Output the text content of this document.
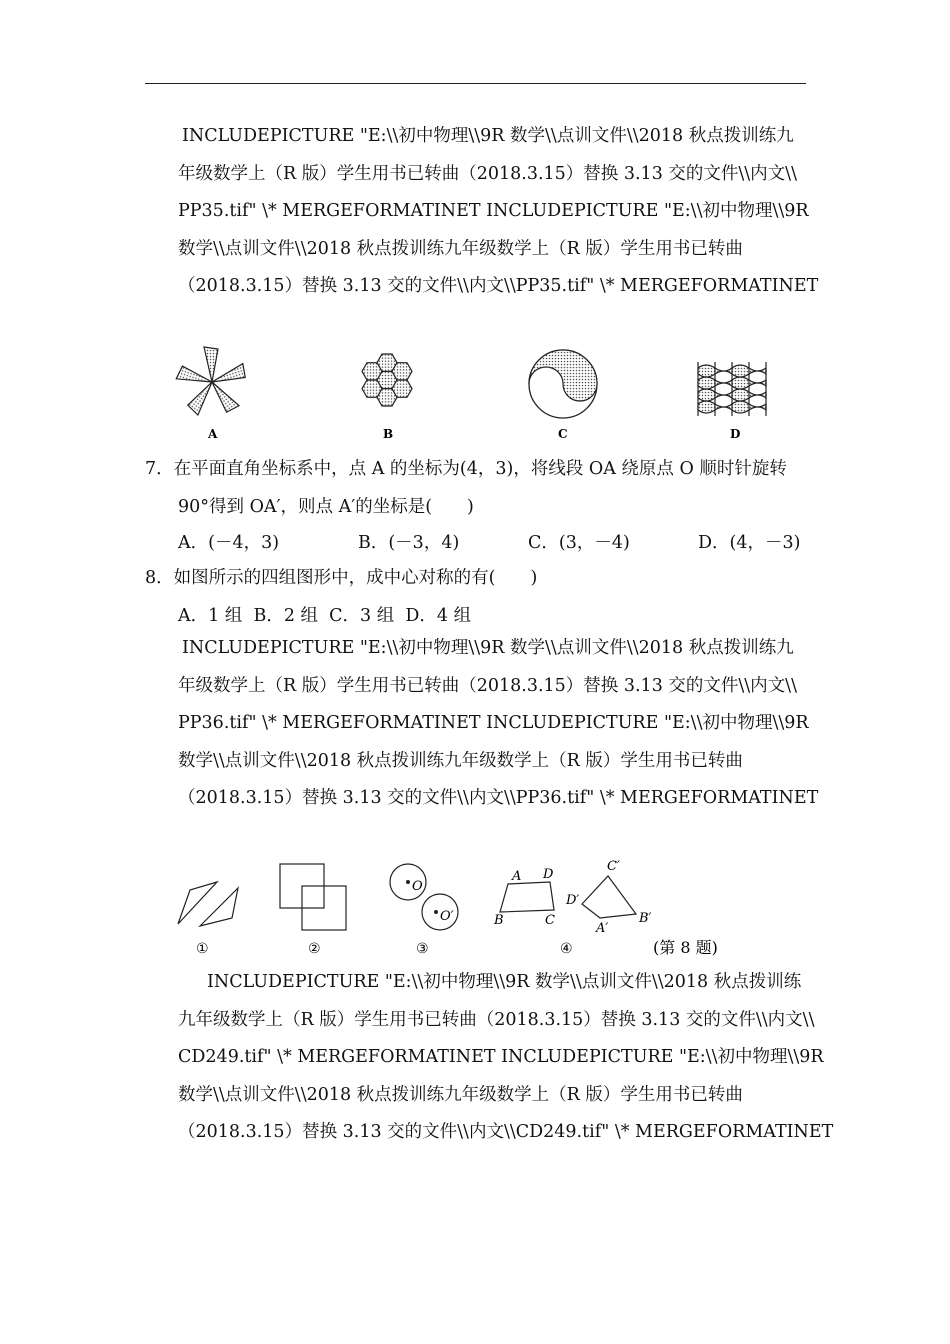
INCLUDEPICTURE "E:\\初中物理\\9R 数学\\点训文件\\2018 秋点拨训练九
年级数学上（R 版）学生用书已转曲（2018.3.15）替换 3.13 交的文件\\内文\\
PP35.tif" \* MERGEFORMATINET INCLUDEPICTURE "E:\\初中物理\\9R
数学\\点训文件\\2018 秋点拨训练九年级数学上（R 版）学生用书已转曲
（2018.3.15）替换 3.13 交的文件\\内文\\PP35.tif" \* MERGEFORMATINET
A	B	C	D
7．在平面直角坐标系中，点 A 的坐标为(4，3)，将线段 OA 绕原点 O 顺时针旋转
90°得到 OA′，则点 A′的坐标是(　　)
A．(－4，3)	B．(－3，4)	C．(3，－4)	D．(4，－3)
8．如图所示的四组图形中，成中心对称的有(　　)
A．1 组  B．2 组  C．3 组  D．4 组
INCLUDEPICTURE "E:\\初中物理\\9R 数学\\点训文件\\2018 秋点拨训练九
年级数学上（R 版）学生用书已转曲（2018.3.15）替换 3.13 交的文件\\内文\\
PP36.tif" \* MERGEFORMATINET INCLUDEPICTURE "E:\\初中物理\\9R
数学\\点训文件\\2018 秋点拨训练九年级数学上（R 版）学生用书已转曲
（2018.3.15）替换 3.13 交的文件\\内文\\PP36.tif" \* MERGEFORMATINET
①	②
O
O′
③
A D
B	C
C′
D′
B′
A′
④	(第 8 题)
INCLUDEPICTURE "E:\\初中物理\\9R 数学\\点训文件\\2018 秋点拨训练
九年级数学上（R 版）学生用书已转曲（2018.3.15）替换 3.13 交的文件\\内文\\
CD249.tif" \* MERGEFORMATINET INCLUDEPICTURE "E:\\初中物理\\9R
数学\\点训文件\\2018 秋点拨训练九年级数学上（R 版）学生用书已转曲
（2018.3.15）替换 3.13 交的文件\\内文\\CD249.tif" \* MERGEFORMATINET
